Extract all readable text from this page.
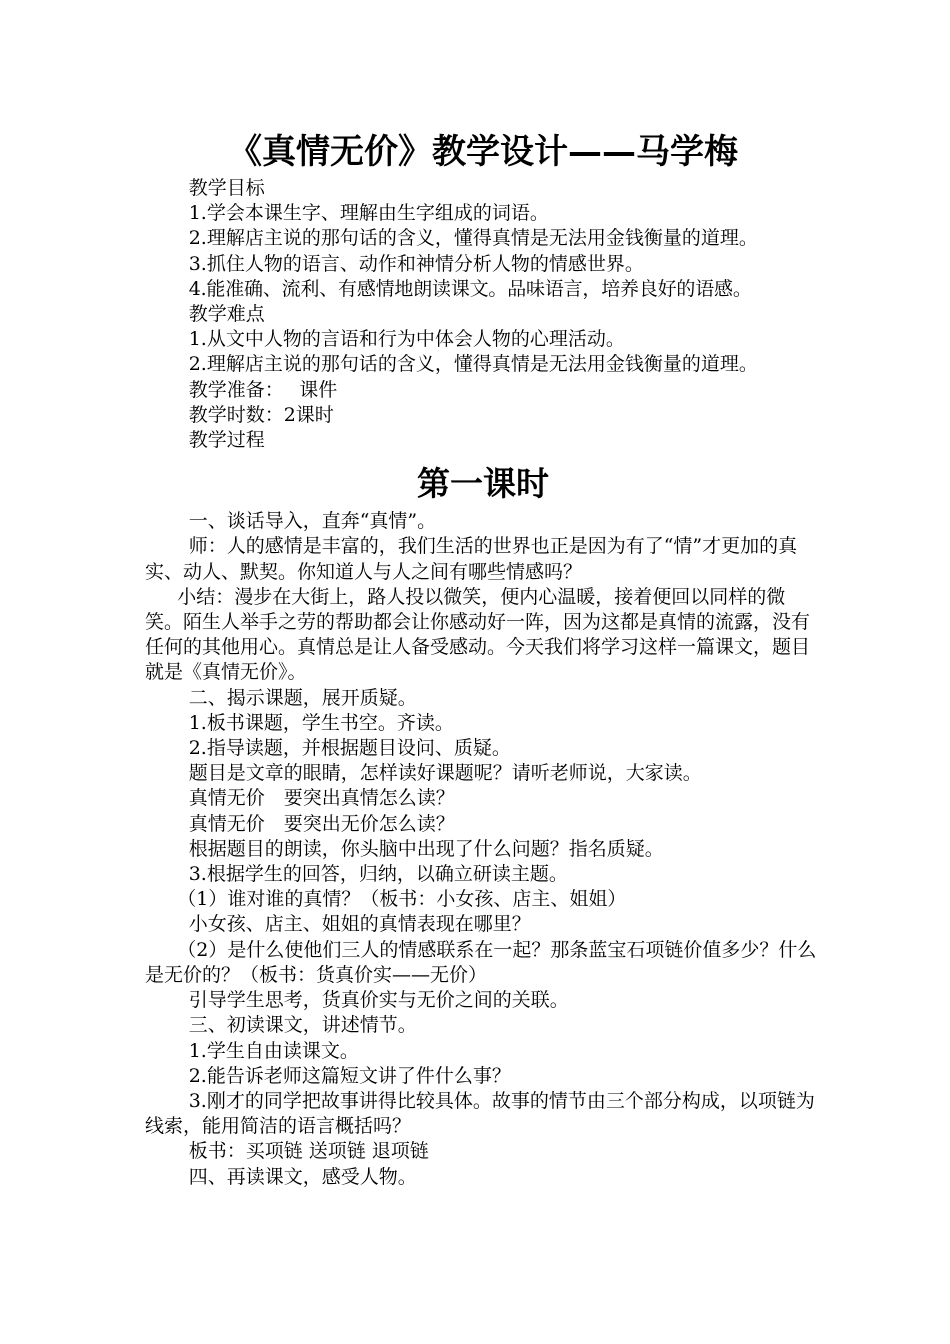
《真情无价》教学设计——马学梅

教学目标

1.学会本课生字、理解由生字组成的词语。

2.理解店主说的那句话的含义，懂得真情是无法用金钱衡量的道理。

3.抓住人物的语言、动作和神情分析人物的情感世界。

4.能准确、流利、有感情地朗读课文。品味语言，培养良好的语感。

教学难点

1.从文中人物的言语和行为中体会人物的心理活动。

2.理解店主说的那句话的含义，懂得真情是无法用金钱衡量的道理。

教学准备：　 课件

教学时数：2课时

教学过程

第一课时

一、谈话导入，直奔“真情”。

师：人的感情是丰富的，我们生活的世界也正是因为有了“情”才更加的真实、动人、默契。你知道人与人之间有哪些情感吗？

小结：漫步在大街上，路人投以微笑，便内心温暖，接着便回以同样的微笑。陌生人举手之劳的帮助都会让你感动好一阵，因为这都是真情的流露，没有任何的其他用心。真情总是让人备受感动。今天我们将学习这样一篇课文，题目就是《真情无价》。

二、揭示课题，展开质疑。

1.板书课题，学生书空。齐读。

2.指导读题，并根据题目设问、质疑。

题目是文章的眼睛，怎样读好课题呢？请听老师说，大家读。

真情无价　要突出真情怎么读？

真情无价　要突出无价怎么读？

根据题目的朗读，你头脑中出现了什么问题？指名质疑。

3.根据学生的回答，归纳，以确立研读主题。

（1）谁对谁的真情？（板书：小女孩、店主、姐姐）

小女孩、店主、姐姐的真情表现在哪里？

（2）是什么使他们三人的情感联系在一起？那条蓝宝石项链价值多少？什么是无价的？（板书：货真价实——无价）

引导学生思考，货真价实与无价之间的关联。

三、初读课文，讲述情节。

1.学生自由读课文。

2.能告诉老师这篇短文讲了件什么事？

3.刚才的同学把故事讲得比较具体。故事的情节由三个部分构成，以项链为线索，能用简洁的语言概括吗？

板书：买项链 送项链 退项链

四、再读课文，感受人物。
